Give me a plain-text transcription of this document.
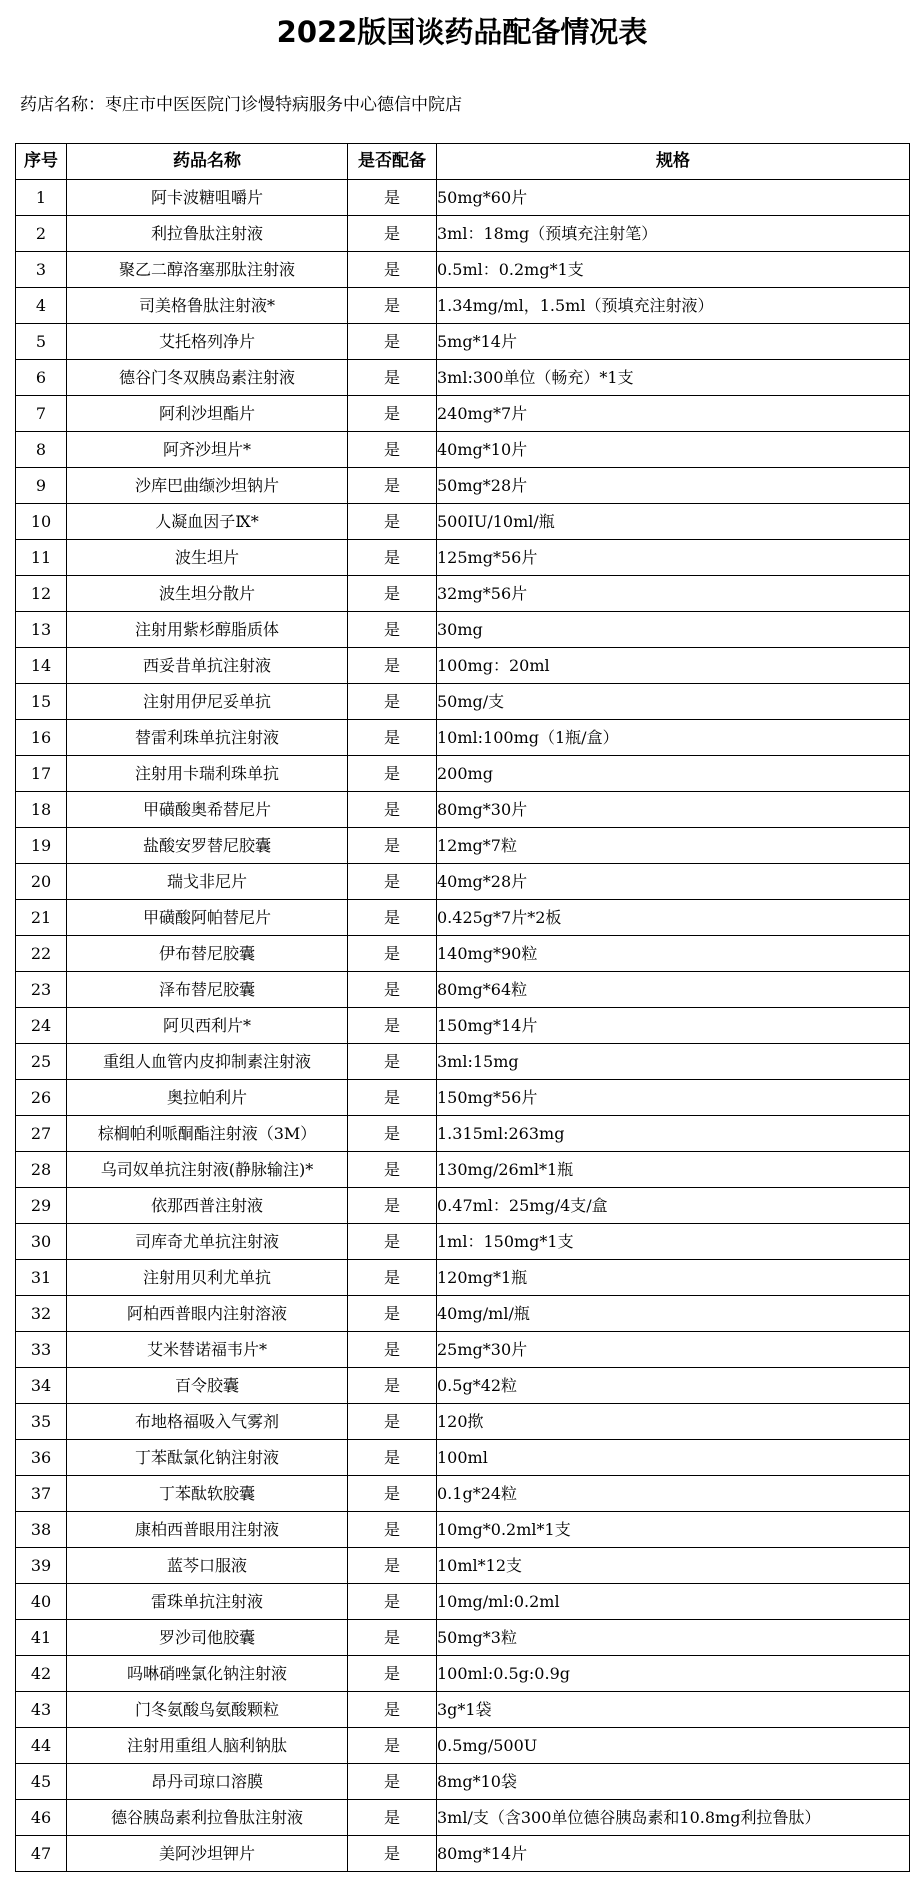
2022版国谈药品配备情况表
药店名称：枣庄市中医医院门诊慢特病服务中心德信中院店
序号	药品名称	是否配备	规格
1	阿卡波糖咀嚼片	是	50mg*60片
2	利拉鲁肽注射液	是	3ml：18mg（预填充注射笔）
3	聚乙二醇洛塞那肽注射液	是	0.5ml：0.2mg*1支
4	司美格鲁肽注射液*	是	1.34mg/ml，1.5ml（预填充注射液）
5	艾托格列净片	是	5mg*14片
6	德谷门冬双胰岛素注射液	是	3ml:300单位（畅充）*1支
7	阿利沙坦酯片	是	240mg*7片
8	阿齐沙坦片*	是	40mg*10片
9	沙库巴曲缬沙坦钠片	是	50mg*28片
10	人凝血因子Ⅸ*	是	500IU/10ml/瓶
11	波生坦片	是	125mg*56片
12	波生坦分散片	是	32mg*56片
13	注射用紫杉醇脂质体	是	30mg
14	西妥昔单抗注射液	是	100mg：20ml
15	注射用伊尼妥单抗	是	50mg/支
16	替雷利珠单抗注射液	是	10ml:100mg（1瓶/盒）
17	注射用卡瑞利珠单抗	是	200mg
18	甲磺酸奥希替尼片	是	80mg*30片
19	盐酸安罗替尼胶囊	是	12mg*7粒
20	瑞戈非尼片	是	40mg*28片
21	甲磺酸阿帕替尼片	是	0.425g*7片*2板
22	伊布替尼胶囊	是	140mg*90粒
23	泽布替尼胶囊	是	80mg*64粒
24	阿贝西利片*	是	150mg*14片
25	重组人血管内皮抑制素注射液	是	3ml:15mg
26	奥拉帕利片	是	150mg*56片
27	棕榈帕利哌酮酯注射液（3M）	是	1.315ml:263mg
28	乌司奴单抗注射液(静脉输注)*	是	130mg/26ml*1瓶
29	依那西普注射液	是	0.47ml：25mg/4支/盒
30	司库奇尤单抗注射液	是	1ml：150mg*1支
31	注射用贝利尤单抗	是	120mg*1瓶
32	阿柏西普眼内注射溶液	是	40mg/ml/瓶
33	艾米替诺福韦片*	是	25mg*30片
34	百令胶囊	是	0.5g*42粒
35	布地格福吸入气雾剂	是	120揿
36	丁苯酞氯化钠注射液	是	100ml
37	丁苯酞软胶囊	是	0.1g*24粒
38	康柏西普眼用注射液	是	10mg*0.2ml*1支
39	蓝芩口服液	是	10ml*12支
40	雷珠单抗注射液	是	10mg/ml:0.2ml
41	罗沙司他胶囊	是	50mg*3粒
42	吗啉硝唑氯化钠注射液	是	100ml:0.5g:0.9g
43	门冬氨酸鸟氨酸颗粒	是	3g*1袋
44	注射用重组人脑利钠肽	是	0.5mg/500U
45	昂丹司琼口溶膜	是	8mg*10袋
46	德谷胰岛素利拉鲁肽注射液	是	3ml/支（含300单位德谷胰岛素和10.8mg利拉鲁肽）
47	美阿沙坦钾片	是	80mg*14片
